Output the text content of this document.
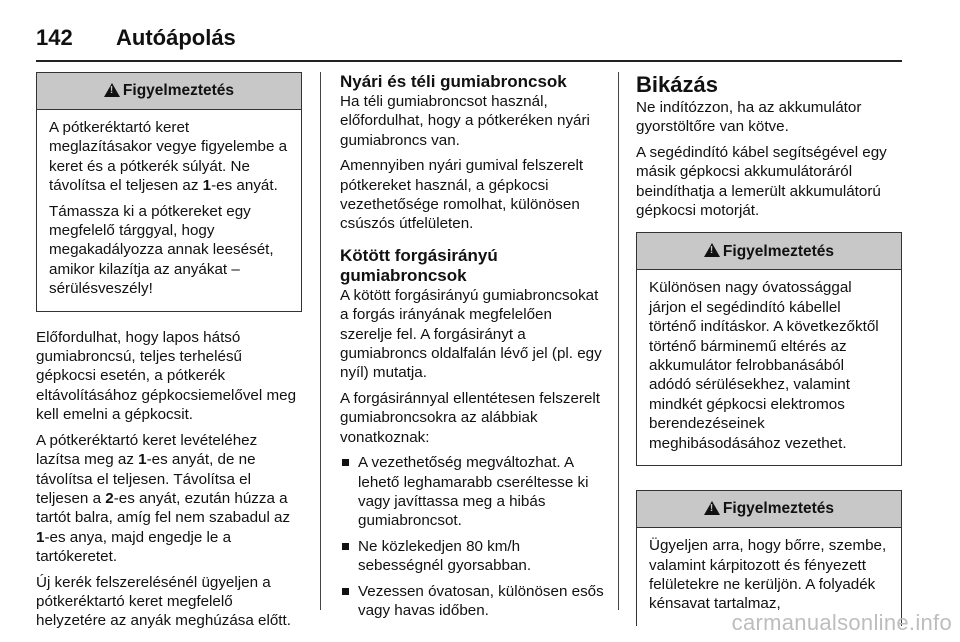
142	Autóápolás
!
Figyelmeztetés

A pótkeréktartó keret meglazításakor vegye figyelembe a keret és a pótkerék súlyát. Ne távolítsa el teljesen az 1-es anyát.

Támassza ki a pótkereket egy megfelelő tárggyal, hogy megakadályozza annak leesését, amikor kilazítja az anyákat – sérülésveszély!

Előfordulhat, hogy lapos hátsó gumiabroncsú, teljes terhelésű gépkocsi esetén, a pótkerék eltávolításához gépkocsiemelővel meg kell emelni a gépkocsit.

A pótkeréktartó keret levételéhez lazítsa meg az 1-es anyát, de ne távolítsa el teljesen. Távolítsa el teljesen a 2-es anyát, ezután húzza a tartót balra, amíg fel nem szabadul az 1-es anya, majd engedje le a tartókeretet.

Új kerék felszerelésénél ügyeljen a pótkeréktartó keret megfelelő helyzetére az anyák meghúzása előtt.

Nyári és téli gumiabroncsok

Ha téli gumiabroncsot használ, előfordulhat, hogy a pótkeréken nyári gumiabroncs van.

Amennyiben nyári gumival felszerelt pótkereket használ, a gépkocsi vezethetősége romolhat, különösen csúszós útfelületen.

Kötött forgásirányú gumiabroncsok

A kötött forgásirányú gumiabroncsokat a forgás irányának megfelelően szerelje fel. A forgásirányt a gumiabroncs oldalfalán lévő jel (pl. egy nyíl) mutatja.

A forgásiránnyal ellentétesen felszerelt gumiabroncsokra az alábbiak vonatkoznak:

A vezethetőség megváltozhat. A lehető leghamarabb cseréltesse ki vagy javíttassa meg a hibás gumiabroncsot.
Ne közlekedjen 80 km/h sebességnél gyorsabban.
Vezessen óvatosan, különösen esős vagy havas időben.
Bikázás

Ne indítózzon, ha az akkumulátor gyorstöltőre van kötve.

A segédindító kábel segítségével egy másik gépkocsi akkumulátoráról beindíthatja a lemerült akkumulátorú gépkocsi motorját.

!
Figyelmeztetés

Különösen nagy óvatossággal járjon el segédindító kábellel történő indításkor. A következőktől történő bárminemű eltérés az akkumulátor felrobbanásából adódó sérülésekhez, valamint mindkét gépkocsi elektromos berendezéseinek meghibásodásához vezethet.

!
Figyelmeztetés

Ügyeljen arra, hogy bőrre, szembe, valamint kárpitozott és fényezett felületekre ne kerüljön. A folyadék kénsavat tartalmaz,

carmanualsonline.info
